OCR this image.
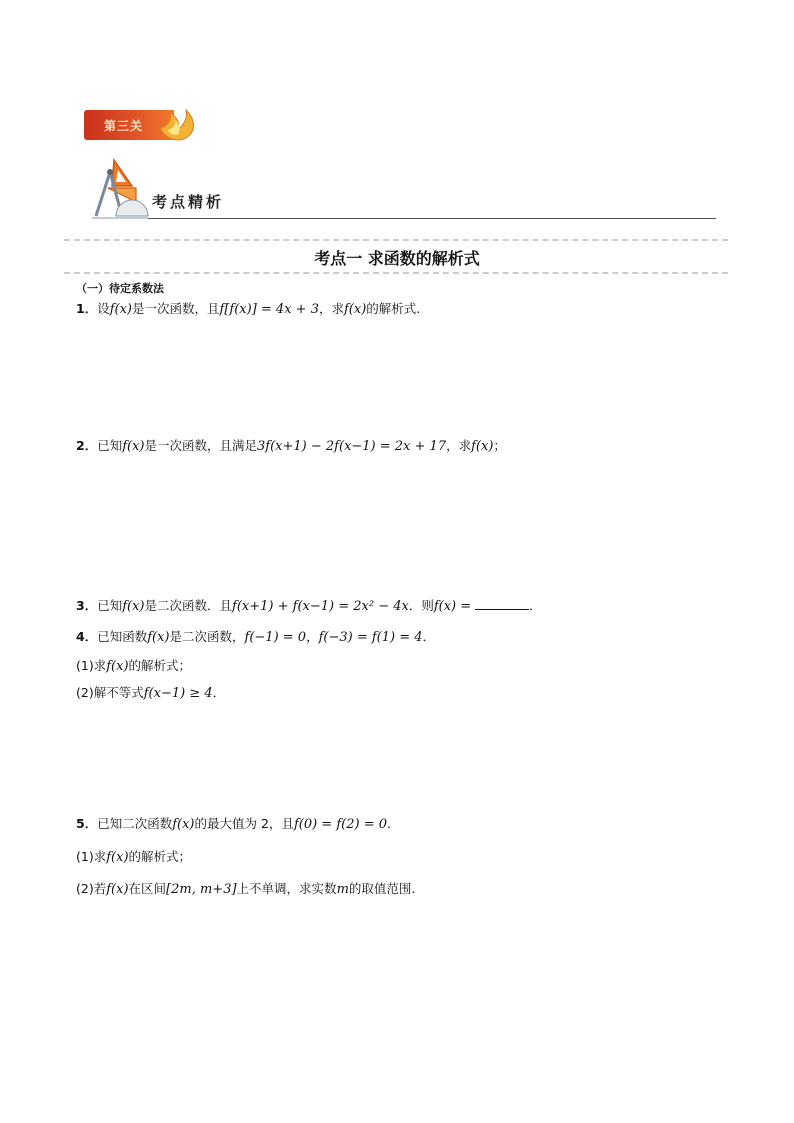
第三关
考点精析
考点一 求函数的解析式
（一）待定系数法
1．设f(x)是一次函数，且f[f(x)] = 4x + 3，求f(x)的解析式.
2．已知f(x)是一次函数，且满足3f(x+1) − 2f(x−1) = 2x + 17，求f(x)；
3．已知f(x)是二次函数．且f(x+1) + f(x−1) = 2x² − 4x．则f(x) =	．
4．已知函数f(x)是二次函数，f(−1) = 0，f(−3) = f(1) = 4．
(1)求f(x)的解析式；
(2)解不等式f(x−1) ≥ 4．
5．已知二次函数f(x)的最大值为 2，且f(0) = f(2) = 0.
(1)求f(x)的解析式；
(2)若f(x)在区间[2m, m+3]上不单调，求实数m的取值范围.
